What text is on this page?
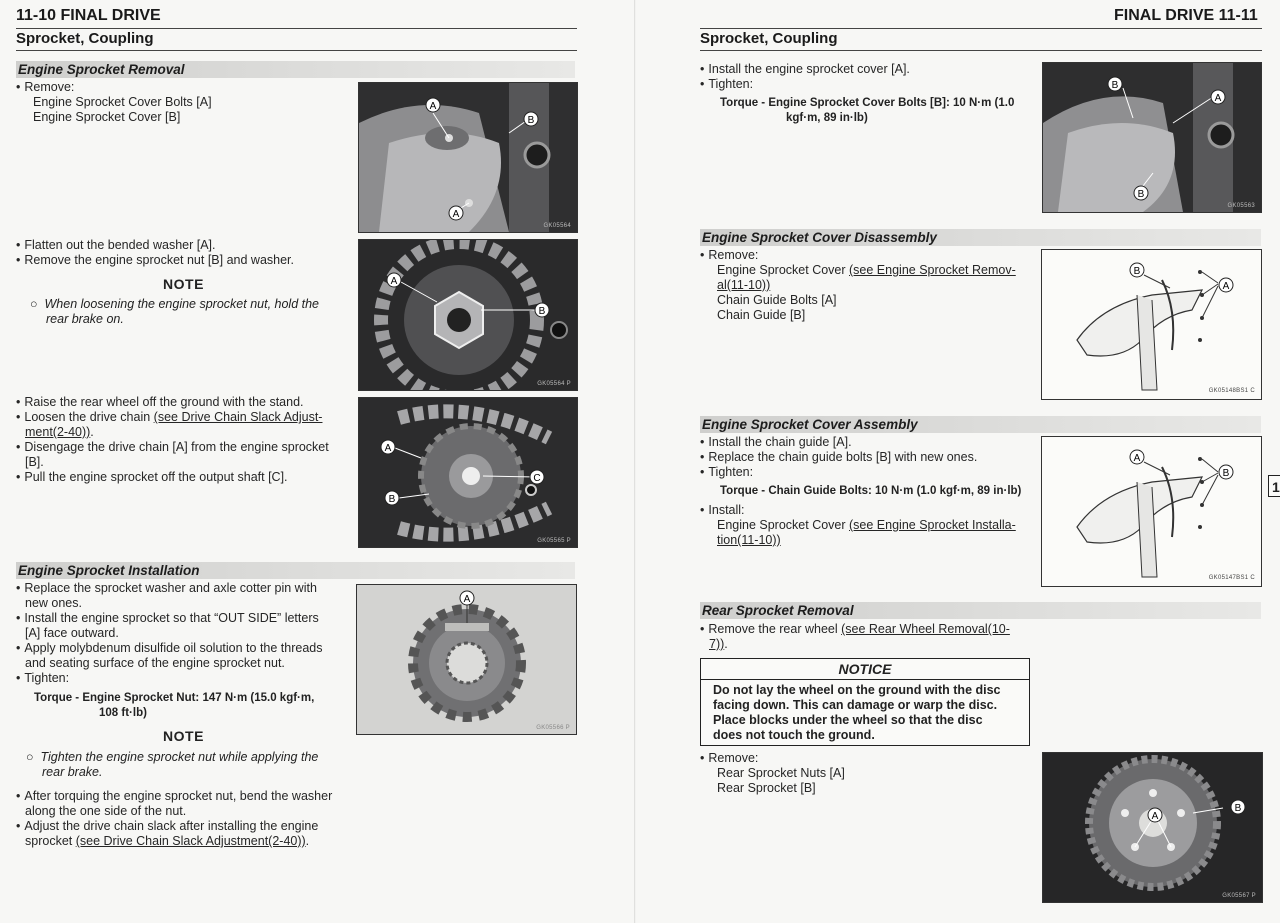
11-10 FINAL DRIVE
Sprocket, Coupling
Engine Sprocket Removal
• Remove:
Engine Sprocket Cover Bolts [A]
Engine Sprocket Cover [B]
A
B
A
GK05564
• Flatten out the bended washer [A].
• Remove the engine sprocket nut [B] and washer.
NOTE
○  When loosening the engine sprocket nut, hold the
rear brake on.
A
B
GK05564 P
• Raise the rear wheel off the ground with the stand.
• Loosen the drive chain (see Drive Chain Slack Adjust-
ment(2-40)).
• Disengage the drive chain [A] from the engine sprocket
[B].
• Pull the engine sprocket off the output shaft [C].
A
C
B
GK05565 P
Engine Sprocket Installation
• Replace the sprocket washer and axle cotter pin with
new ones.
• Install the engine sprocket so that “OUT SIDE” letters
[A] face outward.
• Apply molybdenum disulfide oil solution to the threads
and seating surface of the engine sprocket nut.
• Tighten:
Torque - Engine Sprocket Nut: 147 N·m (15.0 kgf·m,
108 ft·lb)
NOTE
○  Tighten the engine sprocket nut while applying the
rear brake.
• After torquing the engine sprocket nut, bend the washer
along the one side of the nut.
• Adjust the drive chain slack after installing the engine
sprocket (see Drive Chain Slack Adjustment(2-40)).
A
GK05566 P
FINAL DRIVE 11-11
Sprocket, Coupling
• Install the engine sprocket cover [A].
• Tighten:
Torque - Engine Sprocket Cover Bolts [B]: 10 N·m (1.0
kgf·m, 89 in·lb)
B
A
B
GK05563
Engine Sprocket Cover Disassembly
• Remove:
Engine Sprocket Cover (see Engine Sprocket Remov-
al(11-10))
Chain Guide Bolts [A]
Chain Guide [B]
B
A
GK05148BS1 C
Engine Sprocket Cover Assembly
• Install the chain guide [A].
• Replace the chain guide bolts [B] with new ones.
• Tighten:
Torque - Chain Guide Bolts: 10 N·m (1.0 kgf·m, 89 in·lb)
• Install:
Engine Sprocket Cover (see Engine Sprocket Installa-
tion(11-10))
A
B
GK05147BS1 C
1
Rear Sprocket Removal
• Remove the rear wheel (see Rear Wheel Removal(10-
7)).
NOTICE
Do not lay the wheel on the ground with the disc
facing down. This can damage or warp the disc.
Place blocks under the wheel so that the disc
does not touch the ground.
• Remove:
Rear Sprocket Nuts [A]
Rear Sprocket [B]
A
B
GK05567 P
